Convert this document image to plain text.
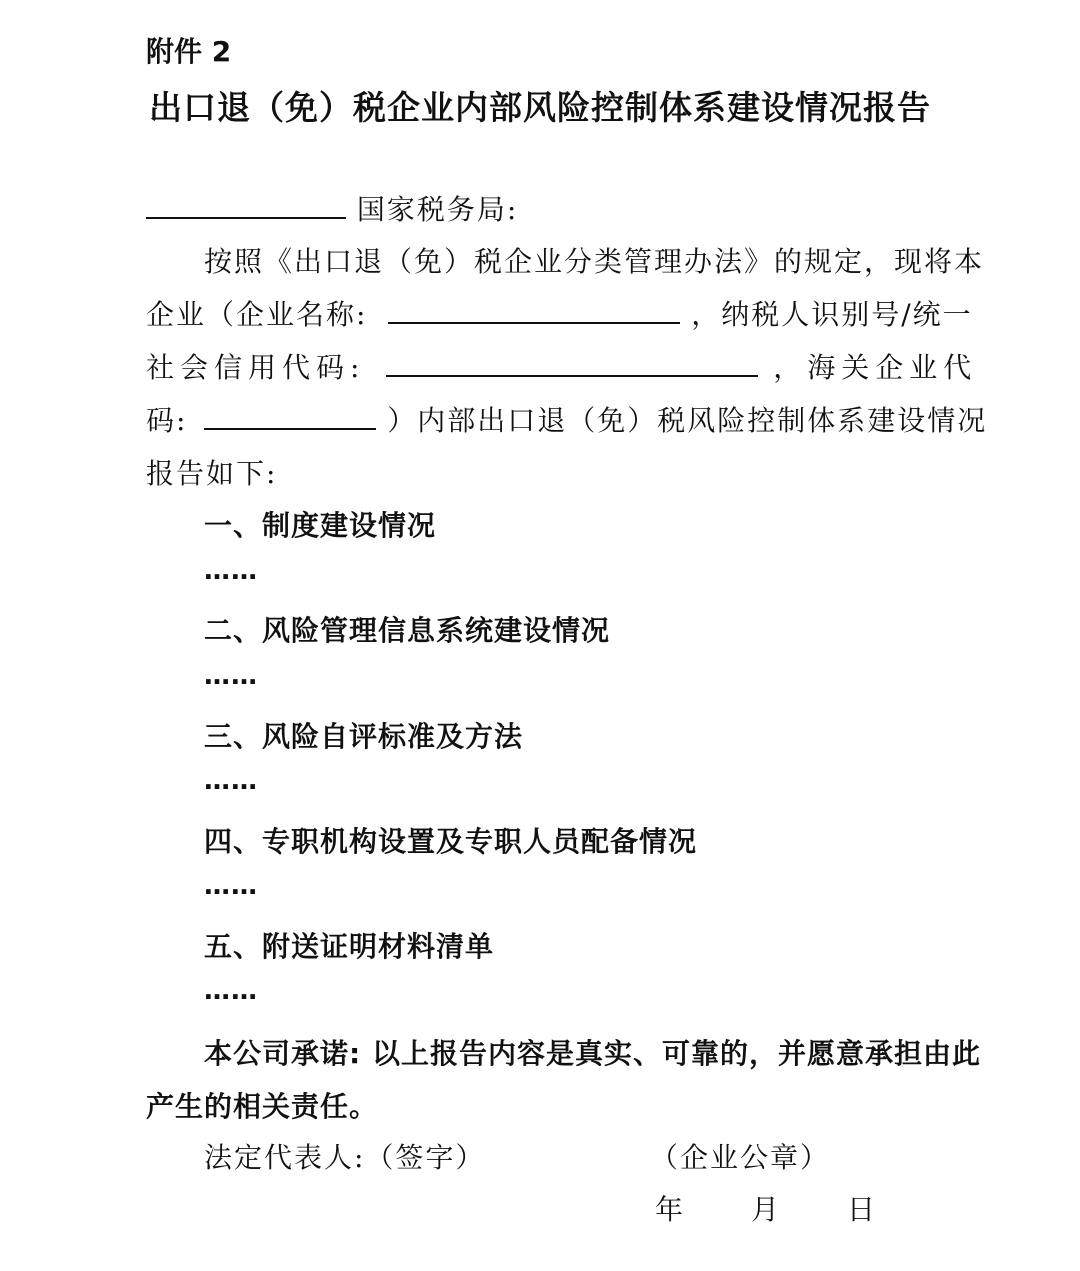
附件 2
出口退（免）税企业内部风险控制体系建设情况报告
国家税务局:
按照《出口退（免）税企业分类管理办法》的规定，现将本
企业（企业名称:	，纳税人识别号/统一
社会信用代码:	，海关企业代
码:	）内部出口退（免）税风险控制体系建设情况
报告如下:
一、制度建设情况
……
二、风险管理信息系统建设情况
……
三、风险自评标准及方法
……
四、专职机构设置及专职人员配备情况
……
五、附送证明材料清单
……
本公司承诺: 以上报告内容是真实、可靠的，并愿意承担由此
产生的相关责任。
法定代表人:（签字）	（企业公章）
年　　月　　日
